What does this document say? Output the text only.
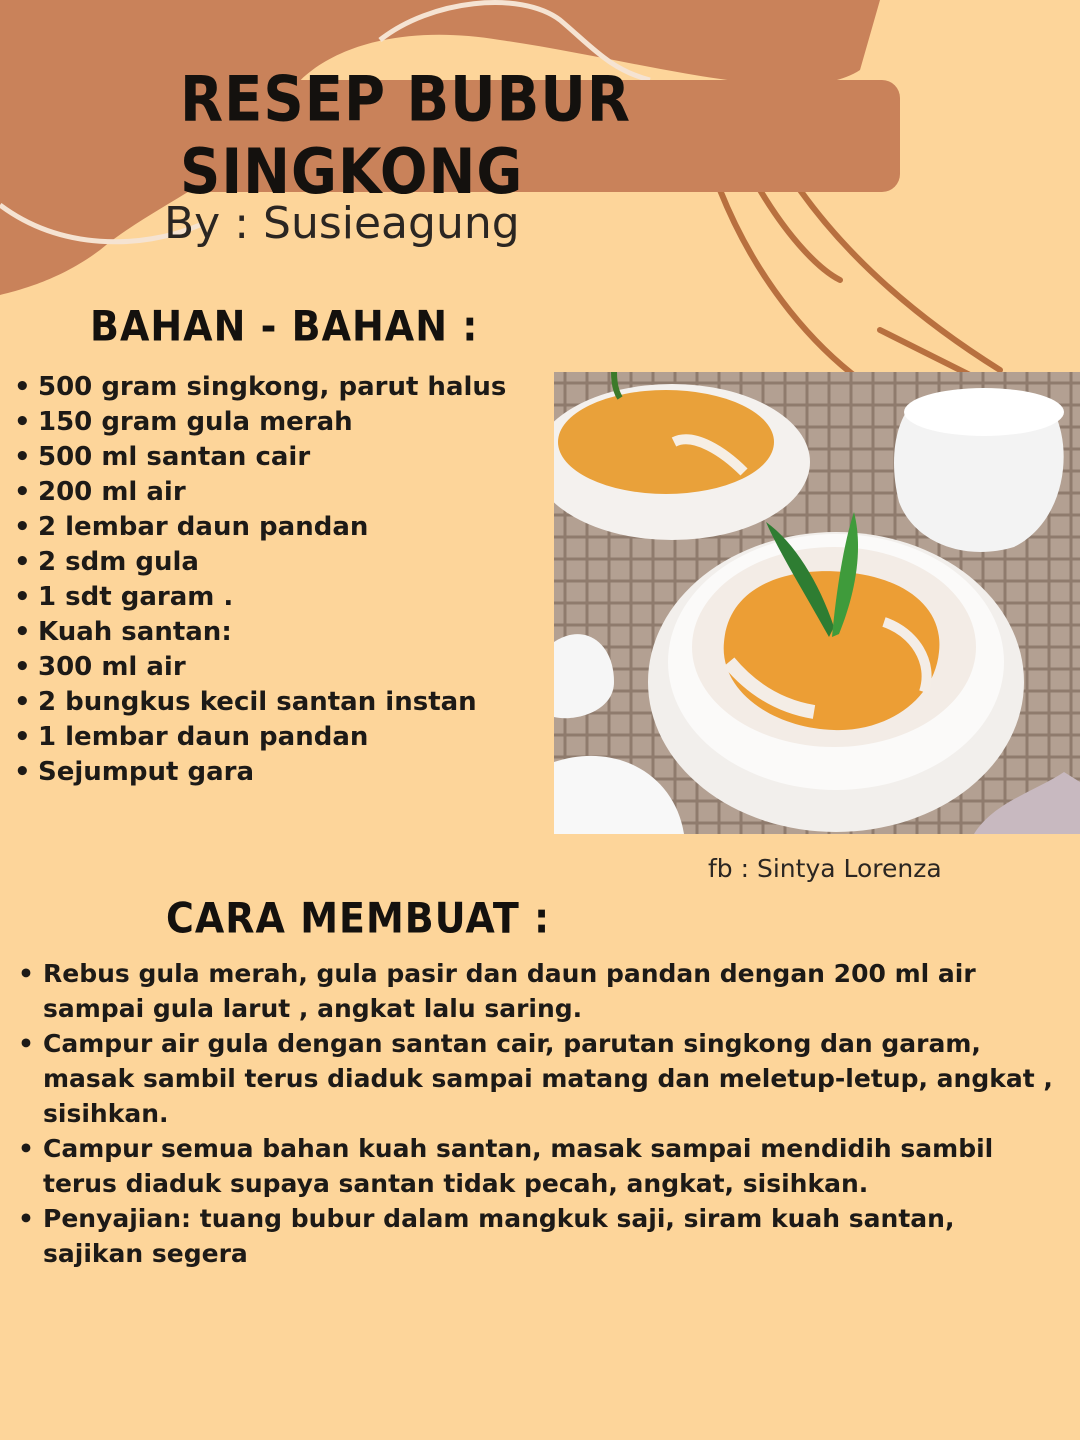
RESEP BUBUR SINGKONG
By : Susieagung
BAHAN - BAHAN :
• 500 gram singkong, parut halus
• 150 gram gula merah
• 500 ml santan cair
• 200 ml air
• 2 lembar daun pandan
• 2 sdm gula
• 1 sdt garam .
• Kuah santan:
• 300 ml air
• 2 bungkus kecil santan instan
• 1 lembar daun pandan
• Sejumput gara
fb : Sintya Lorenza
CARA MEMBUAT :
• Rebus gula merah, gula pasir dan daun pandan dengan 200 ml air sampai gula larut , angkat lalu saring.
• Campur air gula dengan santan cair, parutan singkong dan garam, masak sambil terus diaduk sampai matang dan meletup-letup, angkat , sisihkan.
• Campur semua bahan kuah santan, masak sampai mendidih sambil terus diaduk supaya santan tidak pecah, angkat, sisihkan.
• Penyajian: tuang bubur dalam mangkuk saji, siram kuah santan, sajikan segera
